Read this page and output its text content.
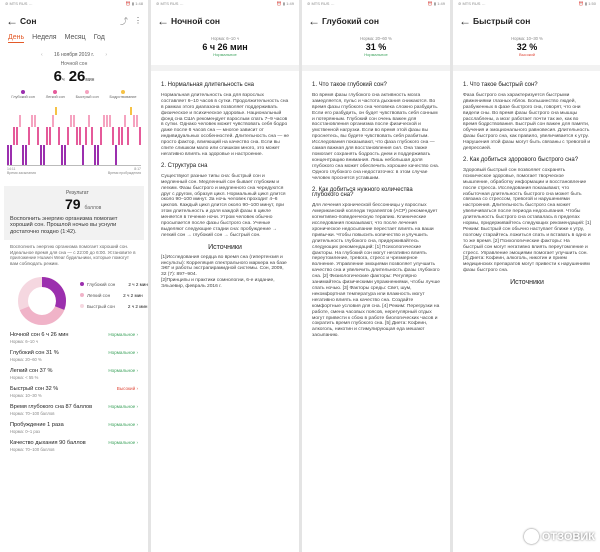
⊘ MTS RUS …	⏰ ▮ 1:48
← Сон	⤴ ⋮
День Неделя Месяц Год
‹ 16 ноября 2019 г. ›
Ночной сон
6ч 26мин

Глубокий сон	Легкий сон	Быстрый сон	Бодрствование
14:11
Время засыпания
8:17
Время пробуждения
Результат
79 баллов
Восполнить энергию организма помогает хороший сон. Прошлой ночью вы уснули достаточно поздно (1:42).
Восполнить энергию организма помогает хороший сон. Идеальное время для сна — с 22:00 до 6:00. Установите в приложение Huawei Wear будильники, которые помогут вам соблюдать режим.
Глубокий сон	2 ч 2 мин
Легкий сон	2 ч 2 мин
Быстрый сон	2 ч 2 мин
Ночной сон 6 ч 26 мин	Нормальное ›
Норма: 6–10 ч
Глубокий сон 31 %	Нормальное ›
Норма: 20–60 %
Легкий сон 37 %	Нормальное ›
Норма: < 55 %
Быстрый сон 32 %	Высокий ›
Норма: 10–30 %
Время глубокого сна 87 баллов	Нормальное ›
Норма: 70–100 баллов
Пробуждение 1 раза	Нормальное ›
Норма: 0–1 раз
Качество дыхания 90 баллов	Нормальное ›
Норма: 70–100 баллов
⊘ MTS RUS …	⏰ ▮ 1:49
← Ночной сон
Норма: 6–10 ч
6 ч 26 мин
Нормальное
1. Нормальная длительность сна
Нормальная длительность сна для взрослых составляет 6–10 часов в сутки. Продолжительность сна в рамках этого диапазона позволяет поддерживать физическое и психическое здоровье. Национальный фонд сна США рекомендует взрослым спать 7–9 часов в сутки. Однако человек может чувствовать себя бодро даже после 6 часов сна — многое зависит от индивидуальных особенностей. Длительность сна — не просто фактор, влияющий на качество сна. Если вы спите слишком мало или слишком много, это может негативно влиять на здоровье и настроение.
2. Структура сна
Существуют разные типы сна: быстрый сон и медленный сон. Медленный сон бывает глубоким и легким. Фазы быстрого и медленного сна чередуются друг с другом, образуя цикл. Нормальный цикл длится около 90–100 минут. За ночь человек проходит 4–6 циклов. Каждый цикл длится около 90–100 минут, при этом длительность и доля каждой фазы в цикле меняется в течение ночи. Утром человек обычно просыпается после фазы быстрого сна. Ученые выделяют следующие стадии сна: пробуждение → легкий сон → глубокий сон → быстрый сон.
Источники
[1]Исследования сердца во время сна (гипертензия и инсульты): Корреляция спектрального маркера на базе ЭКГ и работы экстрапирамидной системы. Сон, 2009, 32 (7): 897–904.
[2]Принципы и практики сомнологии, 6-е издание, Эльзевир, февраль 2016 г.
⊘ MTS RUS …	⏰ ▮ 1:49
← Глубокий сон
Норма: 20–60 %
31 %
Нормальное
1. Что такое глубокий сон?
Во время фазы глубокого сна активность мозга замедляется, пульс и частота дыхания снижаются. Во время фазы глубокого сна человека сложно разбудить. Если его разбудить, он будет чувствовать себя сонным и потерянным. Глубокий сон очень важен для восстановления организма после физической и умственной нагрузки. Если во время этой фазы вы проснетесь, вы будете чувствовать себя разбитым. Исследования показывают, что фаза глубокого сна — самая важная для восстановления сил. Она также помогает сохранять бодрость днем и поддерживать концентрацию внимания. Лишь небольшая доля глубокого сна может обеспечить хорошее качество сна. Одного глубокого сна недостаточно: в этом случае человек проснется уставшим.
2. Как добиться нужного количества глубокого сна?
Для лечения хронической бессонницы у взрослых Американский колледж терапевтов (ACP) рекомендует когнитивно-поведенческую терапию. Клинические исследования показывают, что после лечения хроническое недосыпание перестает влиять на ваши привычки. Чтобы повысить количество и улучшить длительность глубокого сна, придерживайтесь следующих рекомендаций: [1] Психологические факторы. На глубокий сон могут негативно влиять переутомление, тревога, стресс и чрезмерное волнение. Управление эмоциями позволяет улучшить качество сна и увеличить длительность фазы глубокого сна. [2] Физиологические факторы: Регулярно занимайтесь физическими упражнениями, чтобы лучше спать ночью. [3] Факторы среды: Свет, шум, некомфортная температура или влажность могут негативно влиять на качество сна. Создайте комфортные условия для сна. [4] Режим: Перегрузки на работе, смена часовых поясов, нерегулярный отдых могут привести к сбою в работе биологических часов и сократить время глубокого сна. [5] Диета: Кофеин, алкоголь, никотин и стимулирующая еда мешают засыпанию.
⊘ MTS RUS …	⏰ ▮ 1:50
← Быстрый сон
Норма: 10–30 %
32 %
Высокий
1. Что такое быстрый сон?
Фаза быстрого сна характеризуется быстрыми движениями глазных яблок. Большинство людей, разбуженных в фазе быстрого сна, говорят, что они видели сны. Во время фазы быстрого сна мышцы расслаблены, а мозг работает почти так же, как во время бодрствования. Быстрый сон важен для памяти, обучения и эмоционального равновесия. Длительность фазы быстрого сна, как правило, увеличивается к утру. Нарушения этой фазы могут быть связаны с тревогой и депрессией.
2. Как добиться здорового быстрого сна?
Здоровый быстрый сон позволяет сохранять психическое здоровье, помогает творческое мышление, обработку информации и восстановление после стресса. Исследования показывают, что избыточная длительность быстрого сна может быть связана со стрессом, тревогой и нарушениями настроения. Длительность быстрого сна может увеличиваться после периода недосыпания. Чтобы длительность быстрого сна оставалась в пределах нормы, придерживайтесь следующих рекомендаций: [1] Режим: Быстрый сон обычно наступает ближе к утру, поэтому старайтесь ложиться спать и вставать в одно и то же время. [2] Психологические факторы: На быстрый сон могут негативно влиять переутомление и стресс. Управление эмоциями помогает улучшить сон. [3] Диета: Кофеин, алкоголь, никотин и прием медицинских препаратов могут привести к нарушениям фазы быстрого сна.
Источники
ОТЗОВИК
